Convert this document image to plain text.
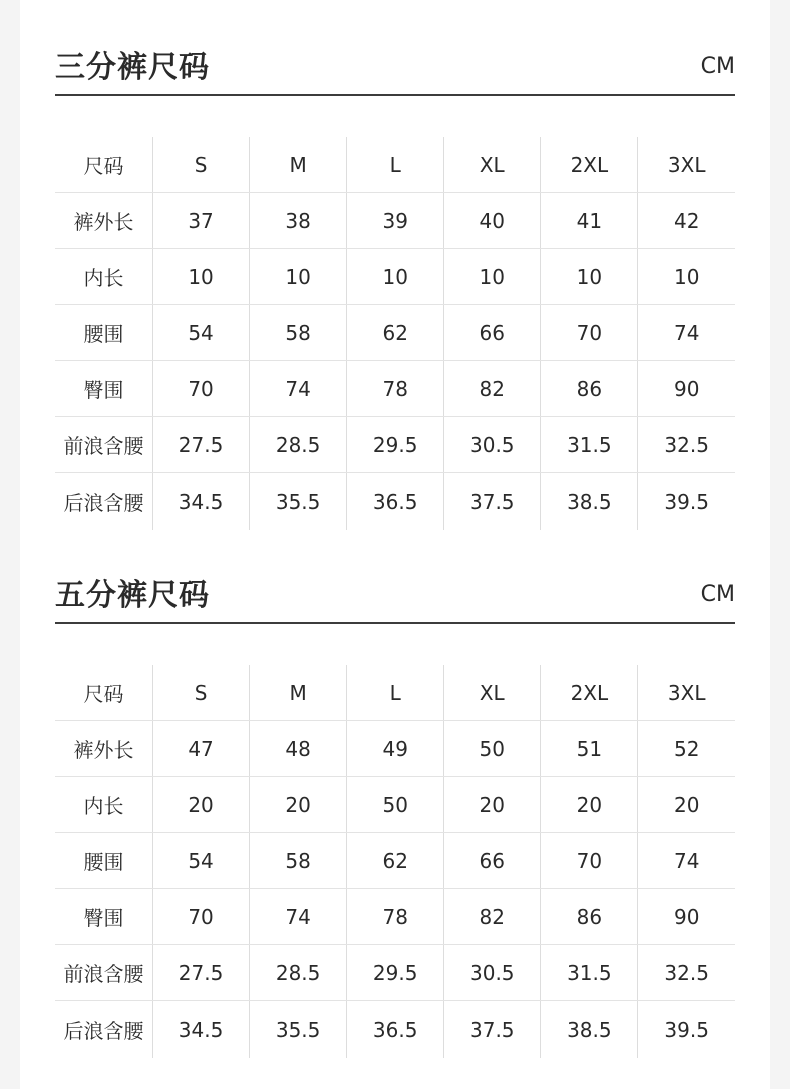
三分裤尺码	CM
尺码	S	M	L	XL	2XL	3XL
裤外长	37	38	39	40	41	42
内长	10	10	10	10	10	10
腰围	54	58	62	66	70	74
臀围	70	74	78	82	86	90
前浪含腰	27.5	28.5	29.5	30.5	31.5	32.5
后浪含腰	34.5	35.5	36.5	37.5	38.5	39.5
五分裤尺码	CM
尺码	S	M	L	XL	2XL	3XL
裤外长	47	48	49	50	51	52
内长	20	20	50	20	20	20
腰围	54	58	62	66	70	74
臀围	70	74	78	82	86	90
前浪含腰	27.5	28.5	29.5	30.5	31.5	32.5
后浪含腰	34.5	35.5	36.5	37.5	38.5	39.5
